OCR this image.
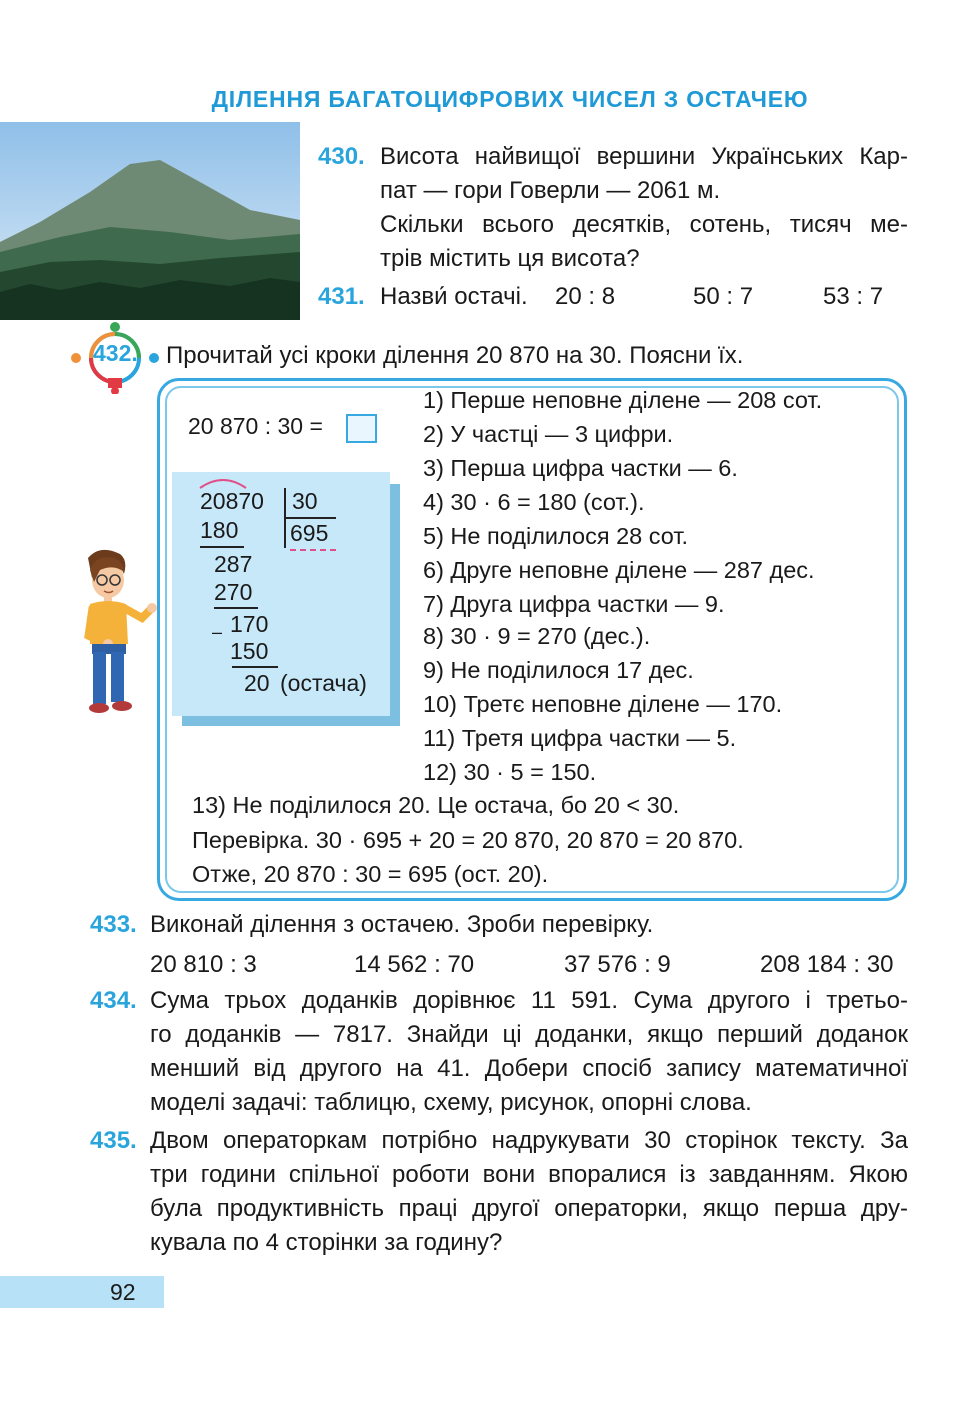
ДІЛЕННЯ БАГАТОЦИФРОВИХ ЧИСЕЛ З ОСТАЧЕЮ
430. Висота найвищої вершини Українських Кар-
пат — гори Говерли — 2061 м.
Скільки всього десятків, сотень, тисяч ме-
трів містить ця висота?
431. Назви́ остачі. 20 : 8	50 : 7	53 : 7
432. Прочитай усі кроки ділення 20 870 на 30. Поясни їх.
20 870 : 30 =
20870 30
695
180
287
270
– 170
150
20 (остача)
1) Перше неповне ділене — 208 сот.
2) У частці — 3 цифри.
3) Перша цифра частки — 6.
4) 30 · 6 = 180 (сот.).
5) Не поділилося 28 сот.
6) Друге неповне ділене — 287 дес.
7) Друга цифра частки — 9.
8) 30 · 9 = 270 (дес.).
9) Не поділилося 17 дес.
10) Третє неповне ділене — 170.
11) Третя цифра частки — 5.
12) 30 · 5 = 150.
13) Не поділилося 20. Це остача, бо 20 < 30.
Перевірка. 30 · 695 + 20 = 20 870, 20 870 = 20 870.
Отже, 20 870 : 30 = 695 (ост. 20).
433. Виконай ділення з остачею. Зроби перевірку.
20 810 : 3	14 562 : 70	37 576 : 9	208 184 : 30
434. Сума трьох доданків дорівнює 11 591. Сума другого і третьо-
го доданків — 7817. Знайди ці доданки, якщо перший доданок
менший від другого на 41. Добери спосіб запису математичної
моделі задачі: таблицю, схему, рисунок, опорні слова.
435. Двом операторкам потрібно надрукувати 30 сторінок тексту. За
три години спільної роботи вони впоралися із завданням. Якою
була продуктивність праці другої операторки, якщо перша дру-
кувала по 4 сторінки за годину?
92
